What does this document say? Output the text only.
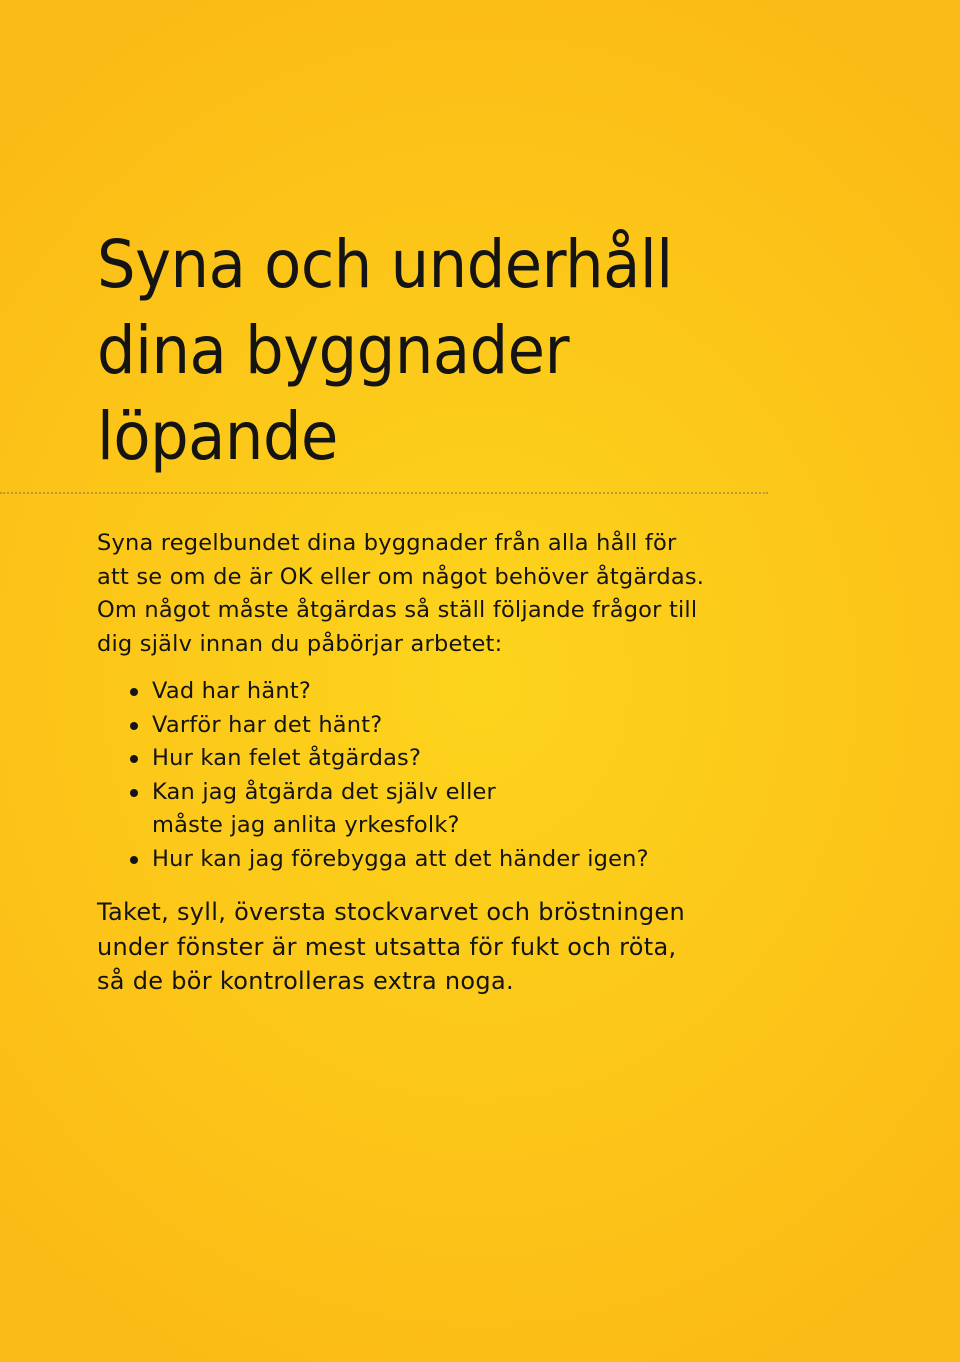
Syna och underhåll
dina byggnader
löpande

Syna regelbundet dina byggnader från alla håll för
att se om de är OK eller om något behöver åtgärdas.
Om något måste åtgärdas så ställ följande frågor till
dig själv innan du påbörjar arbetet:

Vad har hänt?
Varför har det hänt?
Hur kan felet åtgärdas?
Kan jag åtgärda det själv eller
måste jag anlita yrkesfolk?
Hur kan jag förebygga att det händer igen?

Taket, syll, översta stockvarvet och bröstningen
under fönster är mest utsatta för fukt och röta,
så de bör kontrolleras extra noga.
